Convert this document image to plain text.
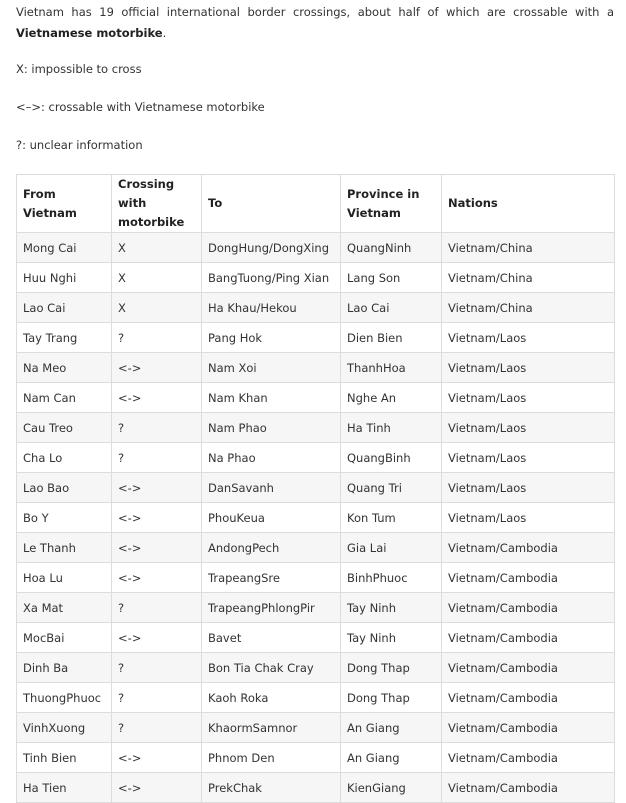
Vietnam has 19 official international border crossings, about half of which are crossable with a Vietnamese motorbike.

X: impossible to cross

<–>: crossable with Vietnamese motorbike

?: unclear information

From Vietnam	Crossing with motorbike	To	Province in Vietnam	Nations
Mong Cai	X	DongHung/DongXing	QuangNinh	Vietnam/China
Huu Nghi	X	BangTuong/Ping Xian	Lang Son	Vietnam/China
Lao Cai	X	Ha Khau/Hekou	Lao Cai	Vietnam/China
Tay Trang	?	Pang Hok	Dien Bien	Vietnam/Laos
Na Meo	<->	Nam Xoi	ThanhHoa	Vietnam/Laos
Nam Can	<->	Nam Khan	Nghe An	Vietnam/Laos
Cau Treo	?	Nam Phao	Ha Tinh	Vietnam/Laos
Cha Lo	?	Na Phao	QuangBinh	Vietnam/Laos
Lao Bao	<->	DanSavanh	Quang Tri	Vietnam/Laos
Bo Y	<->	PhouKeua	Kon Tum	Vietnam/Laos
Le Thanh	<->	AndongPech	Gia Lai	Vietnam/Cambodia
Hoa Lu	<->	TrapeangSre	BinhPhuoc	Vietnam/Cambodia
Xa Mat	?	TrapeangPhlongPir	Tay Ninh	Vietnam/Cambodia
MocBai	<->	Bavet	Tay Ninh	Vietnam/Cambodia
Dinh Ba	?	Bon Tia Chak Cray	Dong Thap	Vietnam/Cambodia
ThuongPhuoc	?	Kaoh Roka	Dong Thap	Vietnam/Cambodia
VinhXuong	?	KhaormSamnor	An Giang	Vietnam/Cambodia
Tinh Bien	<->	Phnom Den	An Giang	Vietnam/Cambodia
Ha Tien	<->	PrekChak	KienGiang	Vietnam/Cambodia
